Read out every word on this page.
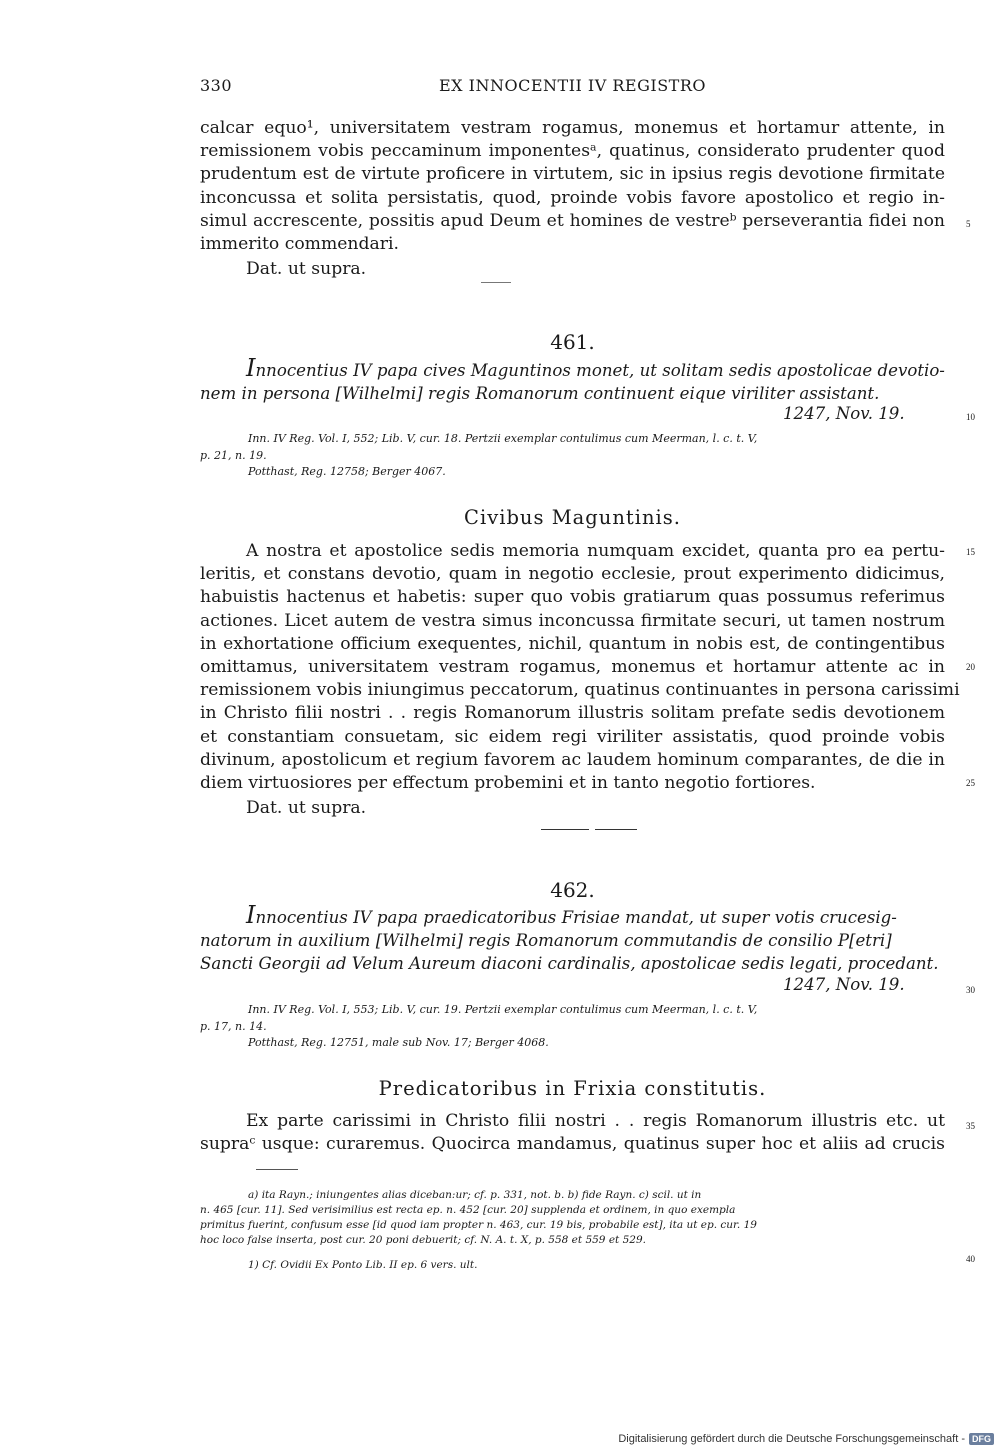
330	EX INNOCENTII IV REGISTRO
calcar equo¹, universitatem vestram rogamus, monemus et hortamur attente, in
remissionem vobis peccaminum imponentesᵃ, quatinus, considerato prudenter quod
prudentum est de virtute proficere in virtutem, sic in ipsius regis devotione firmitate
inconcussa et solita persistatis, quod, proinde vobis favore apostolico et regio in-
simul accrescente, possitis apud Deum et homines de vestreᵇ perseverantia fidei non
immerito commendari.
Dat. ut supra.
5
461.
Innocentius IV papa cives Maguntinos monet, ut solitam sedis apostolicae devotio-
nem in persona [Wilhelmi] regis Romanorum continuent eique viriliter assistant.
1247, Nov. 19.	10
Inn. IV Reg. Vol. I, 552; Lib. V, cur. 18. Pertzii exemplar contulimus cum Meerman, l. c. t. V,
p. 21, n. 19.
Potthast, Reg. 12758; Berger 4067.
Civibus Maguntinis.
A nostra et apostolice sedis memoria numquam excidet, quanta pro ea pertu-
leritis, et constans devotio, quam in negotio ecclesie, prout experimento didicimus,
habuistis hactenus et habetis: super quo vobis gratiarum quas possumus referimus
actiones. Licet autem de vestra simus inconcussa firmitate securi, ut tamen nostrum
in exhortatione officium exequentes, nichil, quantum in nobis est, de contingentibus
omittamus, universitatem vestram rogamus, monemus et hortamur attente ac in
remissionem vobis iniungimus peccatorum, quatinus continuantes in persona carissimi
in Christo filii nostri . . regis Romanorum illustris solitam prefate sedis devotionem
et constantiam consuetam, sic eidem regi viriliter assistatis, quod proinde vobis
divinum, apostolicum et regium favorem ac laudem hominum comparantes, de die in
diem virtuosiores per effectum probemini et in tanto negotio fortiores.
Dat. ut supra.
15
20
25
462.
Innocentius IV papa praedicatoribus Frisiae mandat, ut super votis crucesig-
natorum in auxilium [Wilhelmi] regis Romanorum commutandis de consilio P[etri]
Sancti Georgii ad Velum Aureum diaconi cardinalis, apostolicae sedis legati, procedant.
1247, Nov. 19.	30
Inn. IV Reg. Vol. I, 553; Lib. V, cur. 19. Pertzii exemplar contulimus cum Meerman, l. c. t. V,
p. 17, n. 14.
Potthast, Reg. 12751, male sub Nov. 17; Berger 4068.
Predicatoribus in Frixia constitutis.
Ex parte carissimi in Christo filii nostri . . regis Romanorum illustris etc. ut
supraᶜ usque: curaremus. Quocirca mandamus, quatinus super hoc et aliis ad crucis
35
a) ita Rayn.; iniungentes alias diceban:ur; cf. p. 331, not. b. b) fide Rayn. c) scil. ut in
n. 465 [cur. 11]. Sed verisimilius est recta ep. n. 452 [cur. 20] supplenda et ordinem, in quo exempla
primitus fuerint, confusum esse [id quod iam propter n. 463, cur. 19 bis, probabile est], ita ut ep. cur. 19
hoc loco false inserta, post cur. 20 poni debuerit; cf. N. A. t. X, p. 558 et 559 et 529.
1) Cf. Ovidii Ex Ponto Lib. II ep. 6 vers. ult.	40
Digitalisierung gefördert durch die Deutsche Forschungsgemeinschaft - DFG
